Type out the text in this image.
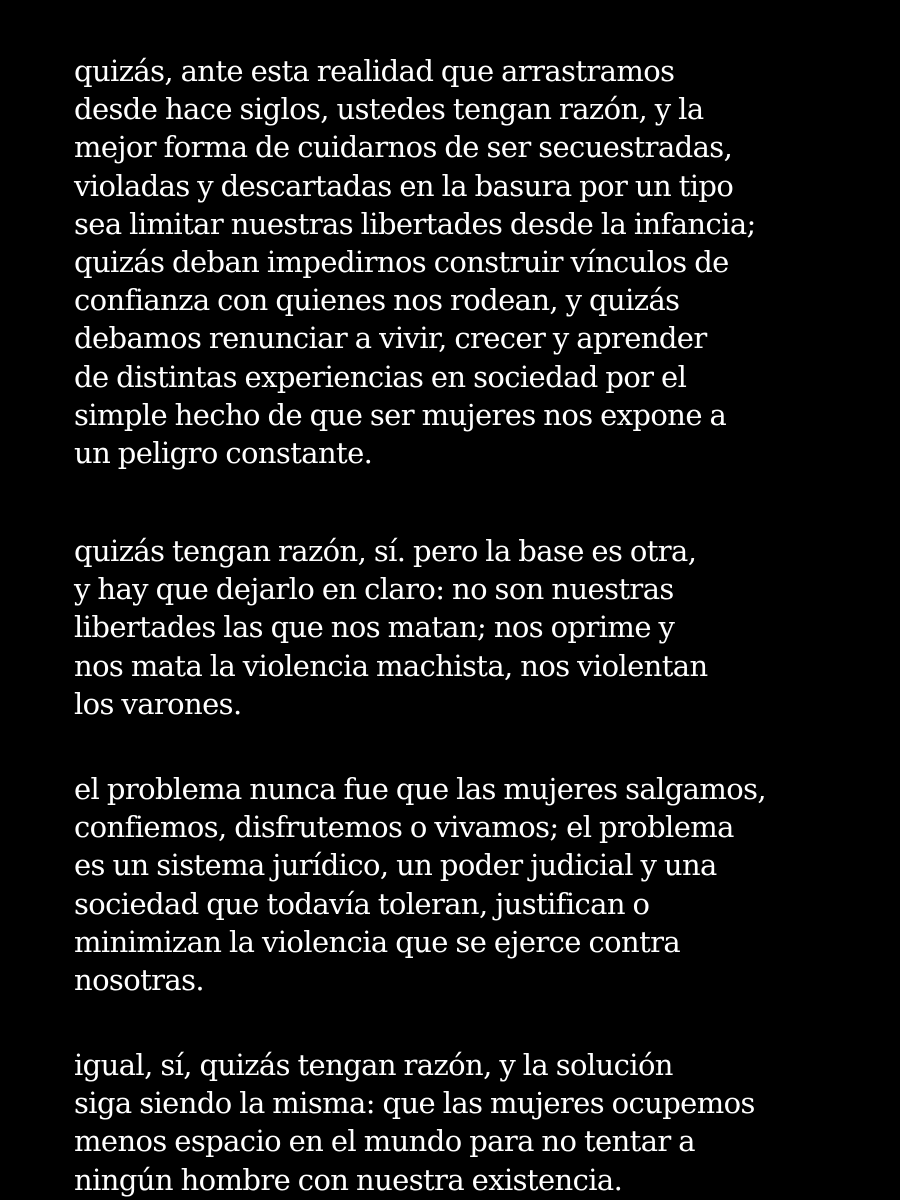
quizás, ante esta realidad que arrastramos
desde hace siglos, ustedes tengan razón, y la
mejor forma de cuidarnos de ser secuestradas,
violadas y descartadas en la basura por un tipo
sea limitar nuestras libertades desde la infancia;
quizás deban impedirnos construir vínculos de
confianza con quienes nos rodean, y quizás
debamos renunciar a vivir, crecer y aprender
de distintas experiencias en sociedad por el
simple hecho de que ser mujeres nos expone a
un peligro constante.

quizás tengan razón, sí. pero la base es otra,
y hay que dejarlo en claro: no son nuestras
libertades las que nos matan; nos oprime y
nos mata la violencia machista, nos violentan
los varones.

el problema nunca fue que las mujeres salgamos,
confiemos, disfrutemos o vivamos; el problema
es un sistema jurídico, un poder judicial y una
sociedad que todavía toleran, justifican o
minimizan la violencia que se ejerce contra
nosotras.

igual, sí, quizás tengan razón, y la solución
siga siendo la misma: que las mujeres ocupemos
menos espacio en el mundo para no tentar a
ningún hombre con nuestra existencia.
